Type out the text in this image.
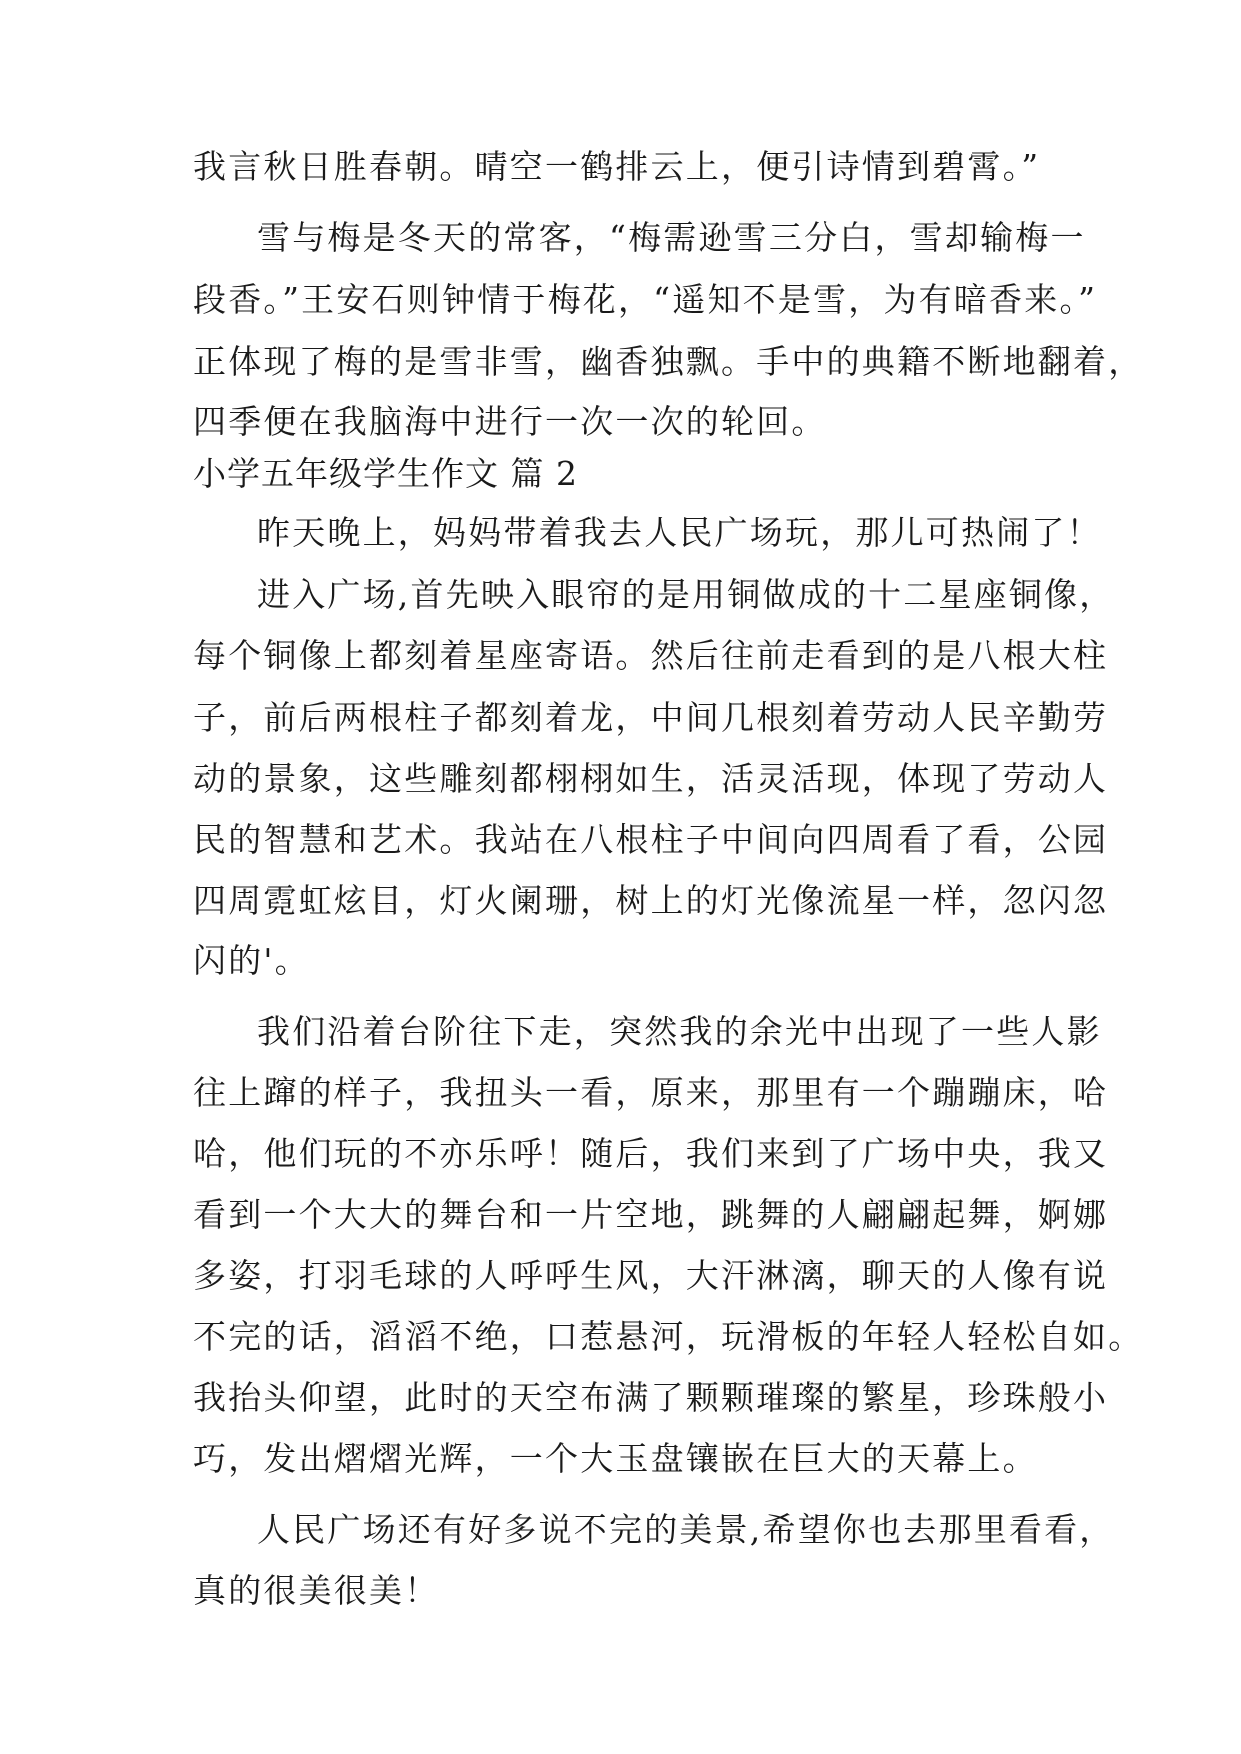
我言秋日胜春朝。晴空一鹤排云上，便引诗情到碧霄。”
雪与梅是冬天的常客，“梅需逊雪三分白，雪却输梅一
段香。”王安石则钟情于梅花，“遥知不是雪，为有暗香来。”
正体现了梅的是雪非雪，幽香独飘。手中的典籍不断地翻着，
四季便在我脑海中进行一次一次的轮回。
小学五年级学生作文 篇 2
昨天晚上，妈妈带着我去人民广场玩，那儿可热闹了！
进入广场,首先映入眼帘的是用铜做成的十二星座铜像，
每个铜像上都刻着星座寄语。然后往前走看到的是八根大柱
子，前后两根柱子都刻着龙，中间几根刻着劳动人民辛勤劳
动的景象，这些雕刻都栩栩如生，活灵活现，体现了劳动人
民的智慧和艺术。我站在八根柱子中间向四周看了看，公园
四周霓虹炫目，灯火阑珊，树上的灯光像流星一样，忽闪忽
闪的'。
我们沿着台阶往下走，突然我的余光中出现了一些人影
往上蹿的样子，我扭头一看，原来，那里有一个蹦蹦床，哈
哈，他们玩的不亦乐呼！随后，我们来到了广场中央，我又
看到一个大大的舞台和一片空地，跳舞的人翩翩起舞，婀娜
多姿，打羽毛球的人呼呼生风，大汗淋漓，聊天的人像有说
不完的话，滔滔不绝，口惹悬河，玩滑板的年轻人轻松自如。
我抬头仰望，此时的天空布满了颗颗璀璨的繁星，珍珠般小
巧，发出熠熠光辉，一个大玉盘镶嵌在巨大的天幕上。
人民广场还有好多说不完的美景,希望你也去那里看看，
真的很美很美！
